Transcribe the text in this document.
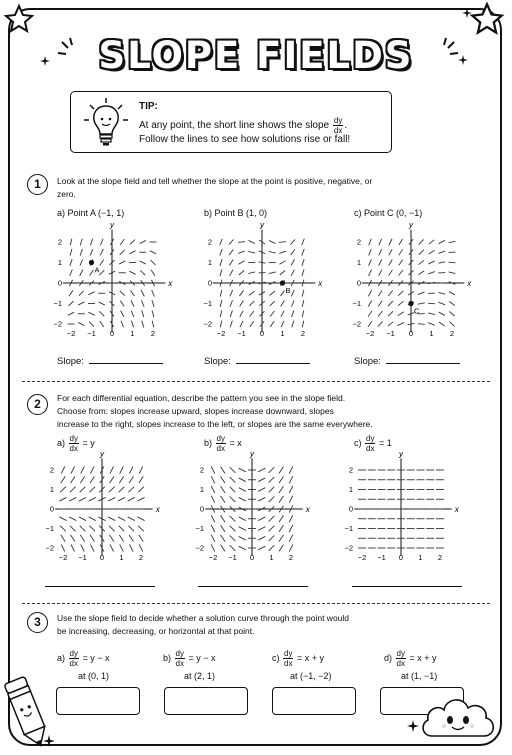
SLOPE FIELDS
TIP:
At any point, the short line shows the slope $\frac{dy}{dx}$ .
Follow the lines to see how solutions rise or fall!
1	Look at the slope field and tell whether the slope at the point is positive, negative, or zero.
a) Point A (−1, 1)	b) Point B (1, 0)	c) Point C (0, −1)
x
y
−2
−2
−1
−1
0
0
1
1
2
2
A
x
y
−2
−2
−1
−1
0
0
1
1
2
2
B
x
y
−2
−2
−1
−1
0
0
1
1
2
2
C
Slope:	Slope:	Slope:
2	For each differential equation, describe the pattern you see in the slope field.
Choose from: slopes increase upward, slopes increase downward, slopes
increase to the right, slopes increase to the left, or slopes are the same everywhere.
$a) \frac{dy}{dx} = y$	$b) \frac{dy}{dx} = x$	$c) \frac{dy}{dx} = 1$
x
y
−2
−2
−1
−1
0
0
1
1
2
2
x
y
−2
−2
−1
−1
0
0
1
1
2
2
x
y
−2
−2
−1
−1
0
0
1
1
2
2
3	Use the slope field to decide whether a solution curve through the point would
be increasing, decreasing, or horizontal at that point.
$a) \frac{dy}{dx} = y - x$	$b) \frac{dy}{dx} = y - x$	$c) \frac{dy}{dx} = x + y$	$d) \frac{dy}{dx} = x + y$
at (0, 1)	at (2, 1)	at (−1, −2)	at (1, −1)
